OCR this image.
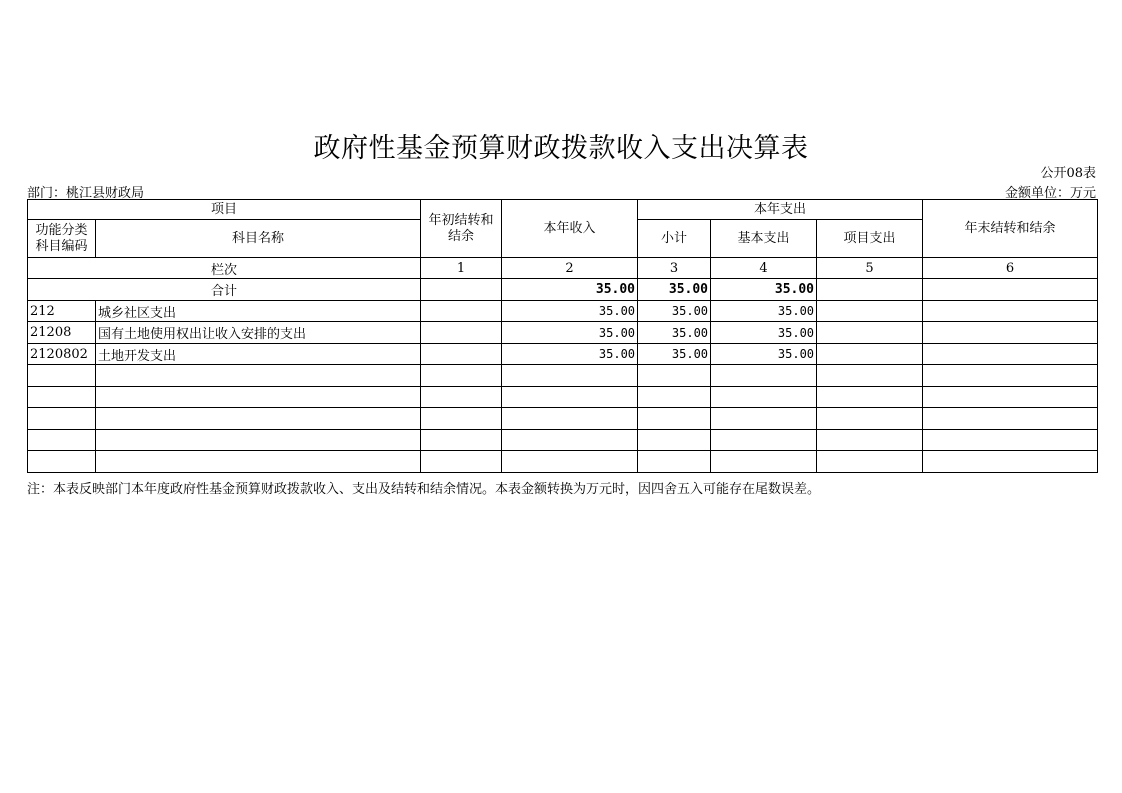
政府性基金预算财政拨款收入支出决算表
公开08表
部门：桃江县财政局	金额单位：万元
项目		年初结转和结余	本年收入	本年支出			年末结转和结余
功能分类科目编码	科目名称			小计	基本支出	项目支出	
栏次		1	2	3	4	5	6
合计			35.00	35.00	35.00		
212	城乡社区支出		35.00	35.00	35.00		
21208	国有土地使用权出让收入安排的支出		35.00	35.00	35.00		
2120802	土地开发支出		35.00	35.00	35.00		

注：本表反映部门本年度政府性基金预算财政拨款收入、支出及结转和结余情况。本表金额转换为万元时，因四舍五入可能存在尾数误差。
